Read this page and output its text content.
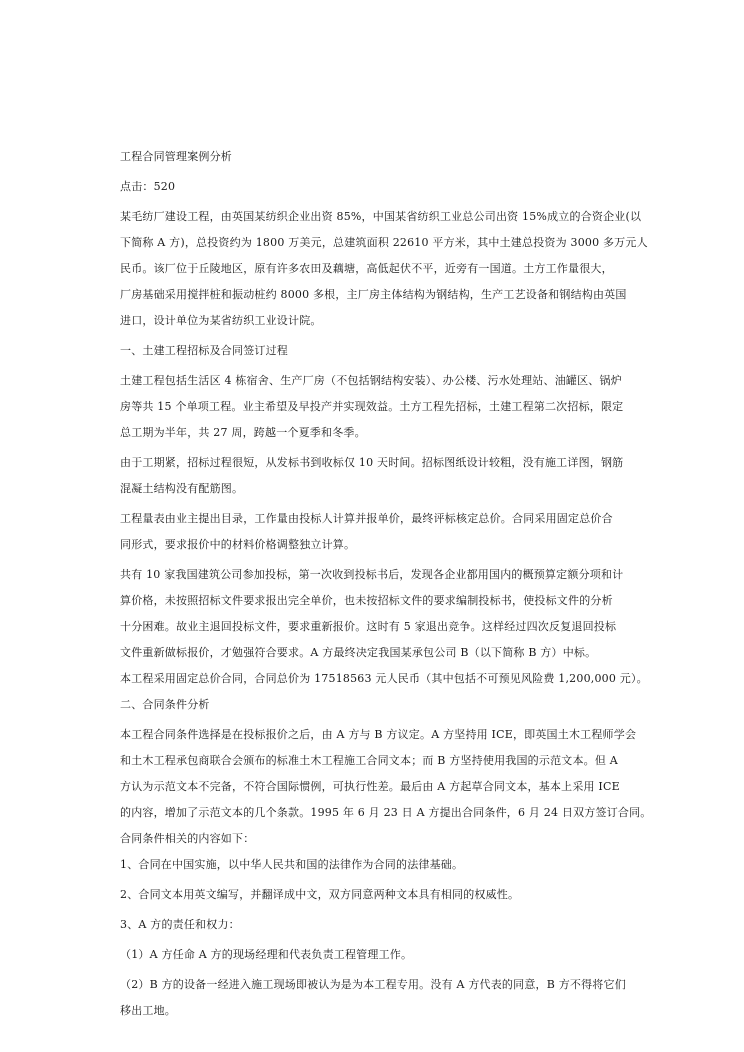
工程合同管理案例分析
点击：520
某毛纺厂建设工程，由英国某纺织企业出资 85%，中国某省纺织工业总公司出资 15%成立的合资企业(以
下简称 A 方)，总投资约为 1800 万美元，总建筑面积 22610 平方米，其中土建总投资为 3000 多万元人
民币。该厂位于丘陵地区，原有许多农田及藕塘，高低起伏不平，近旁有一国道。土方工作量很大，
厂房基础采用搅拌桩和振动桩约 8000 多根，主厂房主体结构为钢结构，生产工艺设备和钢结构由英国
进口，设计单位为某省纺织工业设计院。
一、土建工程招标及合同签订过程
土建工程包括生活区 4 栋宿舍、生产厂房（不包括钢结构安装）、办公楼、污水处理站、油罐区、锅炉
房等共 15 个单项工程。业主希望及早投产并实现效益。土方工程先招标，土建工程第二次招标，限定
总工期为半年，共 27 周，跨越一个夏季和冬季。
由于工期紧，招标过程很短，从发标书到收标仅 10 天时间。招标图纸设计较粗，没有施工详图，钢筋
混凝土结构没有配筋图。
工程量表由业主提出目录，工作量由投标人计算并报单价，最终评标核定总价。合同采用固定总价合
同形式，要求报价中的材料价格调整独立计算。
共有 10 家我国建筑公司参加投标，第一次收到投标书后，发现各企业都用国内的概预算定额分项和计
算价格，未按照招标文件要求报出完全单价，也未按招标文件的要求编制投标书，使投标文件的分析
十分困难。故业主退回投标文件，要求重新报价。这时有 5 家退出竞争。这样经过四次反复退回投标
文件重新做标报价，才勉强符合要求。A 方最终决定我国某承包公司 B（以下简称 B 方）中标。
本工程采用固定总价合同，合同总价为 17518563 元人民币（其中包括不可预见风险费 1,200,000 元）。
二、合同条件分析
本工程合同条件选择是在投标报价之后，由 A 方与 B 方议定。A 方坚持用 ICE，即英国土木工程师学会
和土木工程承包商联合会颁布的标准土木工程施工合同文本；而 B 方坚持使用我国的示范文本。但 A
方认为示范文本不完备，不符合国际惯例，可执行性差。最后由 A 方起草合同文本，基本上采用 ICE
的内容，增加了示范文本的几个条款。1995 年 6 月 23 日 A 方提出合同条件，6 月 24 日双方签订合同。
合同条件相关的内容如下：
1、合同在中国实施，以中华人民共和国的法律作为合同的法律基础。
2、合同文本用英文编写，并翻译成中文，双方同意两种文本具有相同的权威性。
3、A 方的责任和权力：
（1）A 方任命 A 方的现场经理和代表负责工程管理工作。
（2）B 方的设备一经进入施工现场即被认为是为本工程专用。没有 A 方代表的同意，B 方不得将它们
移出工地。
